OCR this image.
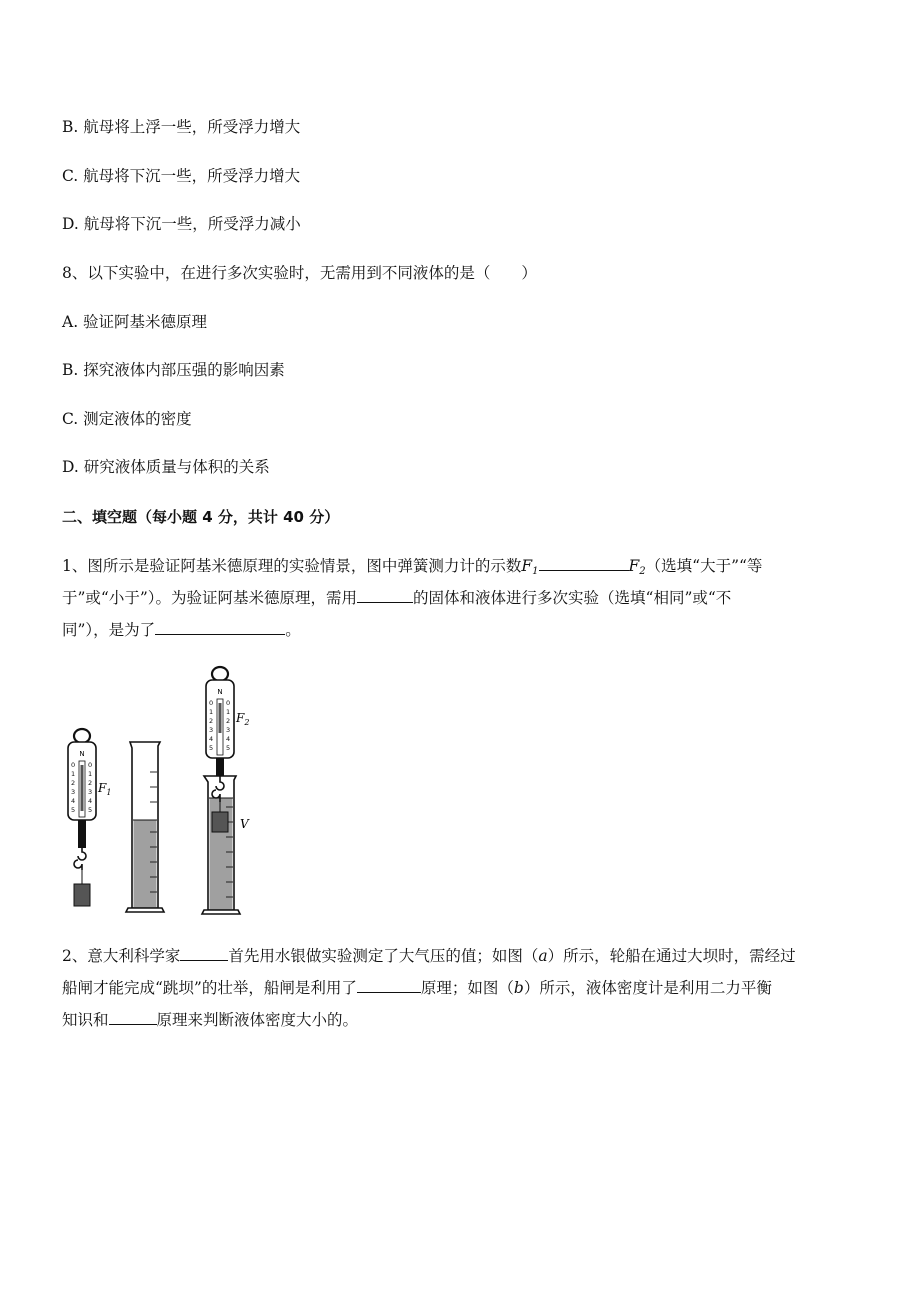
B. 航母将上浮一些，所受浮力增大
C. 航母将下沉一些，所受浮力增大
D. 航母将下沉一些，所受浮力减小
8、以下实验中，在进行多次实验时，无需用到不同液体的是（　　）
A. 验证阿基米德原理
B. 探究液体内部压强的影响因素
C. 测定液体的密度
D. 研究液体质量与体积的关系
二、填空题（每小题 4 分，共计 40 分）
1、图所示是验证阿基米德原理的实验情景，图中弹簧测力计的示数$F_1$	$F_2$（选填“大于”“等
于”或“小于”）。为验证阿基米德原理，需用	的固体和液体进行多次实验（选填“相同”或“不
同”），是为了	。
N
0
1
2
3
4
5
0
1
2
3
4
5
$F_1$
N
0
1
2
3
4
5
0
1
2
3
4
5
$F_2$
V
2、意大利科学家	首先用水银做实验测定了大气压的值；如图（a）所示，轮船在通过大坝时，需经过
船闸才能完成“跳坝”的壮举，船闸是利用了	原理；如图（b）所示，液体密度计是利用二力平衡
知识和	原理来判断液体密度大小的。
